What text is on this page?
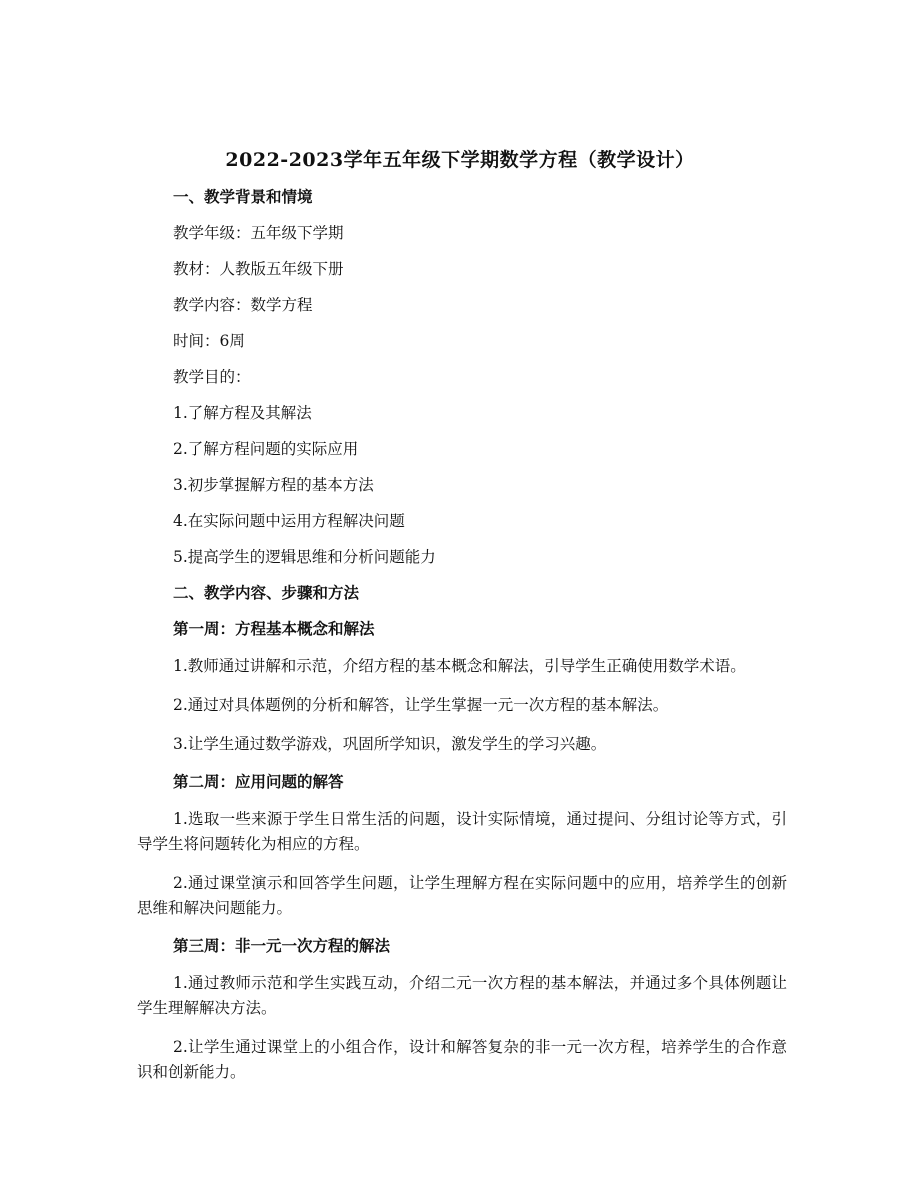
2022-2023学年五年级下学期数学方程（教学设计）

一、教学背景和情境

教学年级：五年级下学期

教材：人教版五年级下册

教学内容：数学方程

时间：6周

教学目的：

1.了解方程及其解法

2.了解方程问题的实际应用

3.初步掌握解方程的基本方法

4.在实际问题中运用方程解决问题

5.提高学生的逻辑思维和分析问题能力

二、教学内容、步骤和方法

第一周：方程基本概念和解法

1.教师通过讲解和示范，介绍方程的基本概念和解法，引导学生正确使用数学术语。

2.通过对具体题例的分析和解答，让学生掌握一元一次方程的基本解法。

3.让学生通过数学游戏，巩固所学知识，激发学生的学习兴趣。

第二周：应用问题的解答

1.选取一些来源于学生日常生活的问题，设计实际情境，通过提问、分组讨论等方式，引导学生将问题转化为相应的方程。

2.通过课堂演示和回答学生问题，让学生理解方程在实际问题中的应用，培养学生的创新思维和解决问题能力。

第三周：非一元一次方程的解法

1.通过教师示范和学生实践互动，介绍二元一次方程的基本解法，并通过多个具体例题让学生理解解决方法。

2.让学生通过课堂上的小组合作，设计和解答复杂的非一元一次方程，培养学生的合作意识和创新能力。
